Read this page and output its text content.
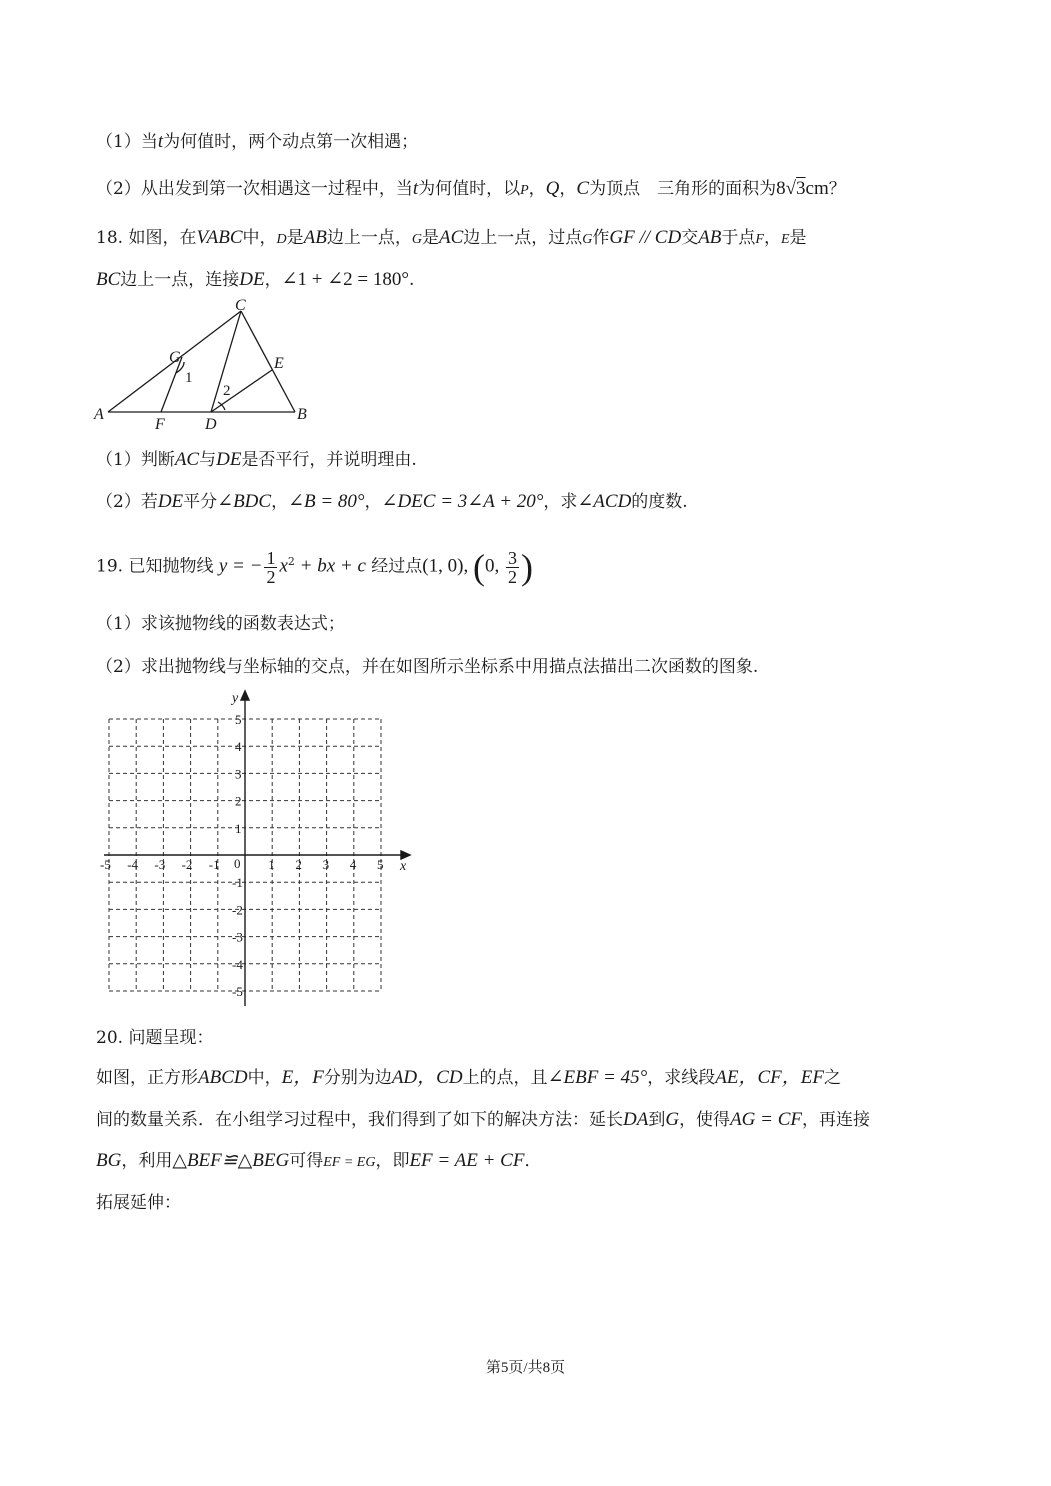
（1）当t为何值时，两个动点第一次相遇；
（2）从出发到第一次相遇这一过程中，当t为何值时，以P，Q，C为顶点　三角形的面积为8√3cm？
18. 如图，在VABC中，D是AB边上一点，G是AC边上一点，过点G作GF // CD交AB于点F，E是
BC边上一点，连接DE，∠1 + ∠2 = 180°.
C
G	E
A	B
F	D
1
2
（1）判断AC与DE是否平行，并说明理由.
（2）若DE平分∠BDC，∠B = 80°，∠DEC = 3∠A + 20°，求∠ACD的度数.
19. 已知抛物线 y = − $\frac{1}{2} x^2$ + bx + c 经过点(1, 0), (0, $\frac{3}{2}$ )
（1）求该抛物线的函数表达式；
（2）求出抛物线与坐标轴的交点，并在如图所示坐标系中用描点法描出二次函数的图象.
-5 -4 -3 -2 -1	1 2 3 4 5
5
4
3
2
1
-1
-2
-3
-4
-5
x
y
0
20. 问题呈现：
如图，正方形ABCD中，E，F分别为边AD，CD上的点，且∠EBF = 45°，求线段AE，CF，EF之
间的数量关系．在小组学习过程中，我们得到了如下的解决方法：延长DA到G，使得AG = CF，再连接
BG，利用△BEF≌△BEG可得EF = EG，即EF = AE + CF．
拓展延伸：
第5页/共8页
